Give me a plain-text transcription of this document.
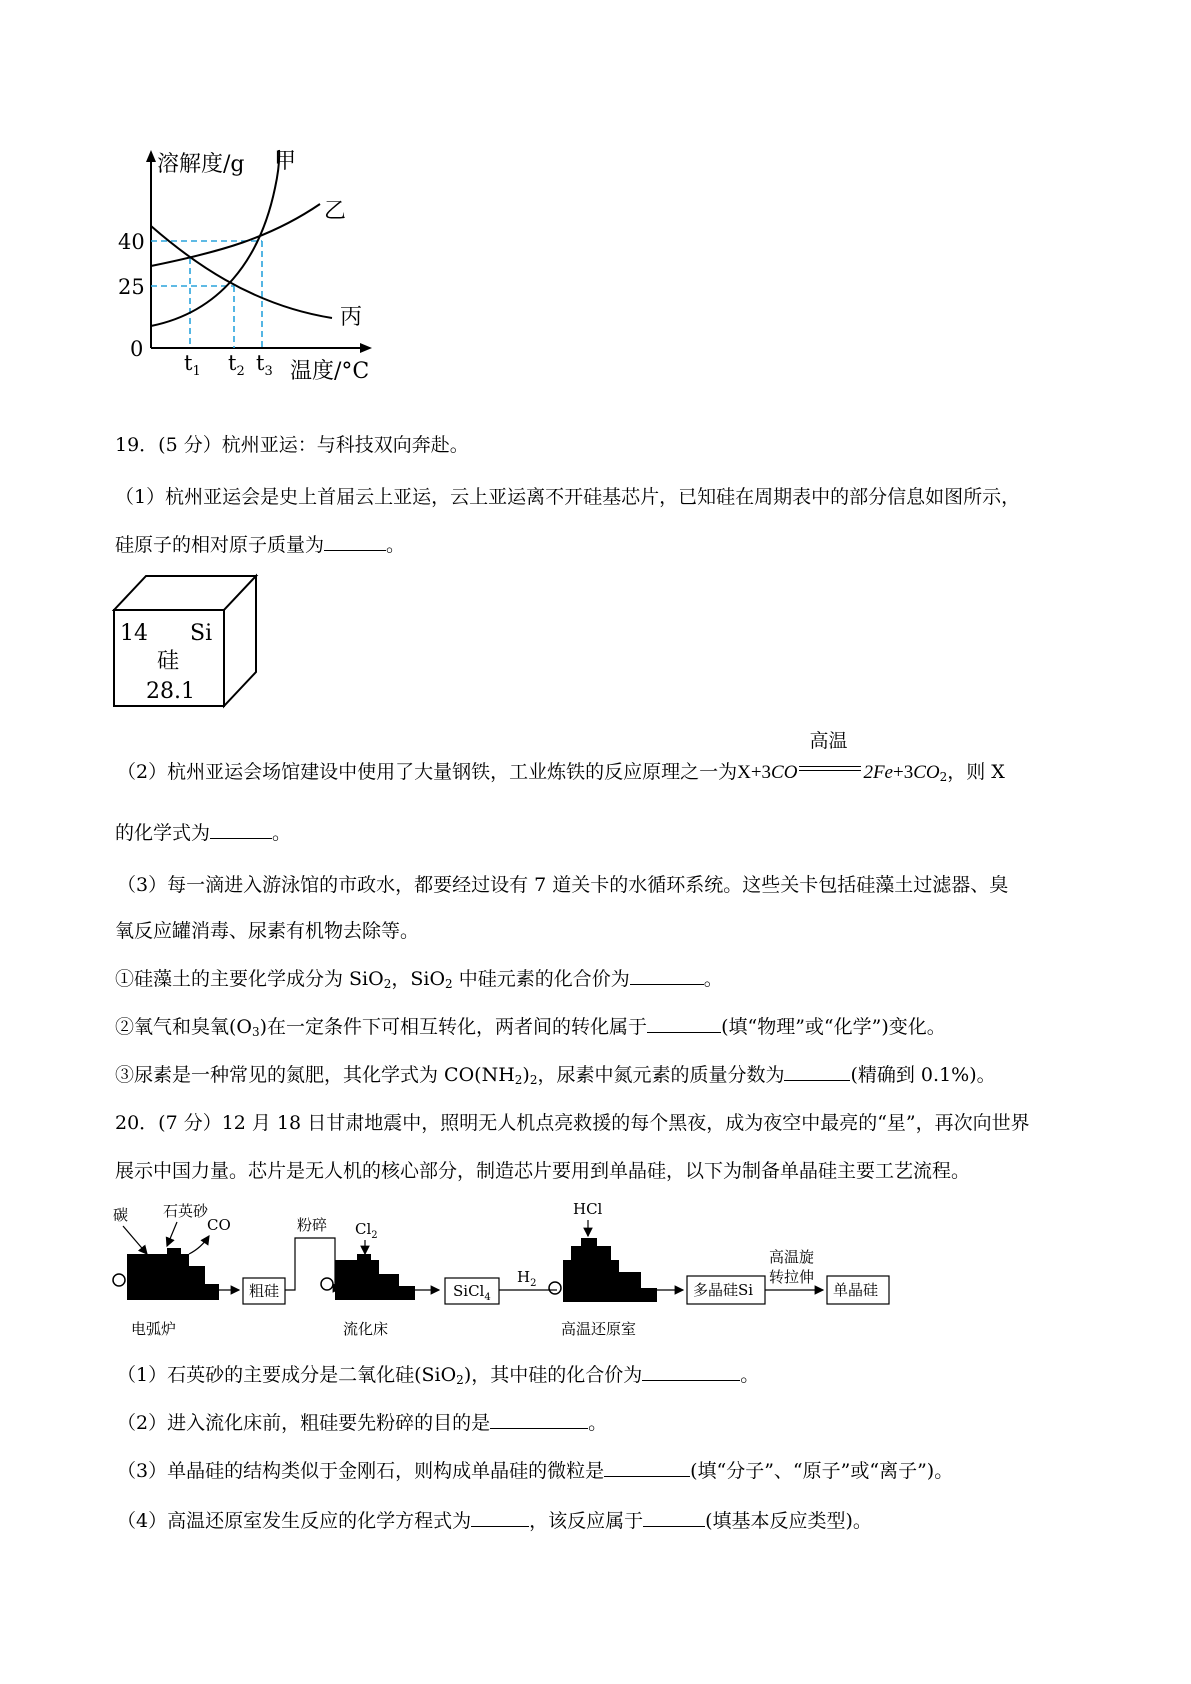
溶解度/g 甲
乙
丙
40
25
0
$t_1$ $t_2$ $t_3$ 温度/°C
19．(5 分）杭州亚运：与科技双向奔赴。
（1）杭州亚运会是史上首届云上亚运，云上亚运离不开硅基芯片，已知硅在周期表中的部分信息如图所示，
硅原子的相对原子质量为	。
14 Si
硅
28.1
（2）杭州亚运会场馆建设中使用了大量钢铁，工业炼铁的反应原理之一为X+3CO
高温
$2Fe+3CO_2$，则 X
的化学式为	。
（3）每一滴进入游泳馆的市政水，都要经过设有 7 道关卡的水循环系统。这些关卡包括硅藻土过滤器、臭
氧反应罐消毒、尿素有机物去除等。
①硅藻土的主要化学成分为 SiO$_2$，SiO$_2$ 中硅元素的化合价为	。
②氧气和臭氧$(O_3)$在一定条件下可相互转化，两者间的转化属于	(填“物理”或“化学”)变化。
③尿素是一种常见的氮肥，其化学式为 $CO(NH_2)_2$，尿素中氮元素的质量分数为	(精确到 0.1%)。
20．(7 分）12 月 18 日甘肃地震中，照明无人机点亮救援的每个黑夜，成为夜空中最亮的“星”，再次向世界
展示中国力量。芯片是无人机的核心部分，制造芯片要用到单晶硅，以下为制备单晶硅主要工艺流程。
碳 石英砂
CO
粗硅
粉碎 $Cl_2$
SiCl$_4$
$H_2$
HCl
多晶硅Si
高温旋
转拉伸
单晶硅
电弧炉	流化床	高温还原室
（1）石英砂的主要成分是二氧化硅(SiO$_2$)，其中硅的化合价为	。
（2）进入流化床前，粗硅要先粉碎的目的是	。
（3）单晶硅的结构类似于金刚石，则构成单晶硅的微粒是	(填“分子”、“原子”或“离子”)。
（4）高温还原室发生反应的化学方程式为	，该反应属于	(填基本反应类型)。
